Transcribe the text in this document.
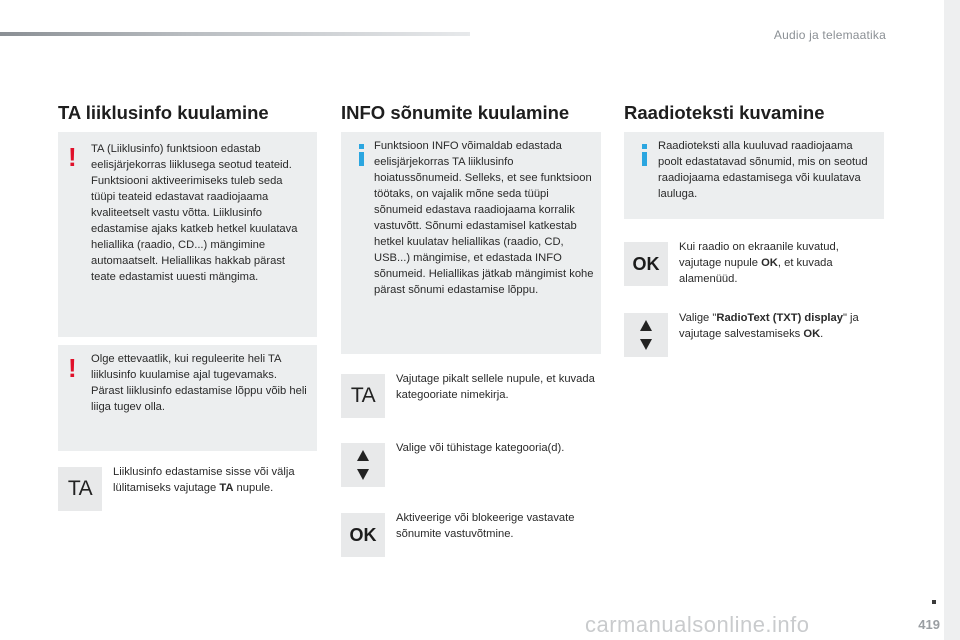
Audio ja telemaatika
TA liiklusinfo kuulamine
! TA (Liiklusinfo) funktsioon edastab eelisjärjekorras liiklusega seotud teateid. Funktsiooni aktiveerimiseks tuleb seda tüüpi teateid edastavat raadiojaama kvaliteetselt vastu võtta. Liiklusinfo edastamise ajaks katkeb hetkel kuulatava heliallika (raadio, CD...) mängimine automaatselt. Heliallikas hakkab pärast teate edastamist uuesti mängima.

! Olge ettevaatlik, kui reguleerite heli TA liiklusinfo kuulamise ajal tugevamaks. Pärast liiklusinfo edastamise lõppu võib heli liiga tugev olla.

TA

Liiklusinfo edastamise sisse või välja lülitamiseks vajutage TA nupule.

INFO sõnumite kuulamine

Funktsioon INFO võimaldab edastada eelisjärjekorras TA liiklusinfo hoiatussõnumeid. Selleks, et see funktsioon töötaks, on vajalik mõne seda tüüpi sõnumeid edastava raadiojaama korralik vastuvõtt. Sõnumi edastamisel katkestab hetkel kuulatav heliallikas (raadio, CD, USB...) mängimise, et edastada INFO sõnumeid. Heliallikas jätkab mängimist kohe pärast sõnumi edastamise lõppu.

TA

Vajutage pikalt sellele nupule, et kuvada kategooriate nimekirja.

Valige või tühistage kategooria(d).

OK

Aktiveerige või blokeerige vastavate sõnumite vastuvõtmine.

Raadioteksti kuvamine

Raadioteksti alla kuuluvad raadiojaama poolt edastatavad sõnumid, mis on seotud raadiojaama edastamisega või kuulatava lauluga.

OK

Kui raadio on ekraanile kuvatud, vajutage nupule OK, et kuvada alamenüüd.

Valige "RadioText (TXT) display" ja vajutage salvestamiseks OK.

419
carmanualsonline.info
